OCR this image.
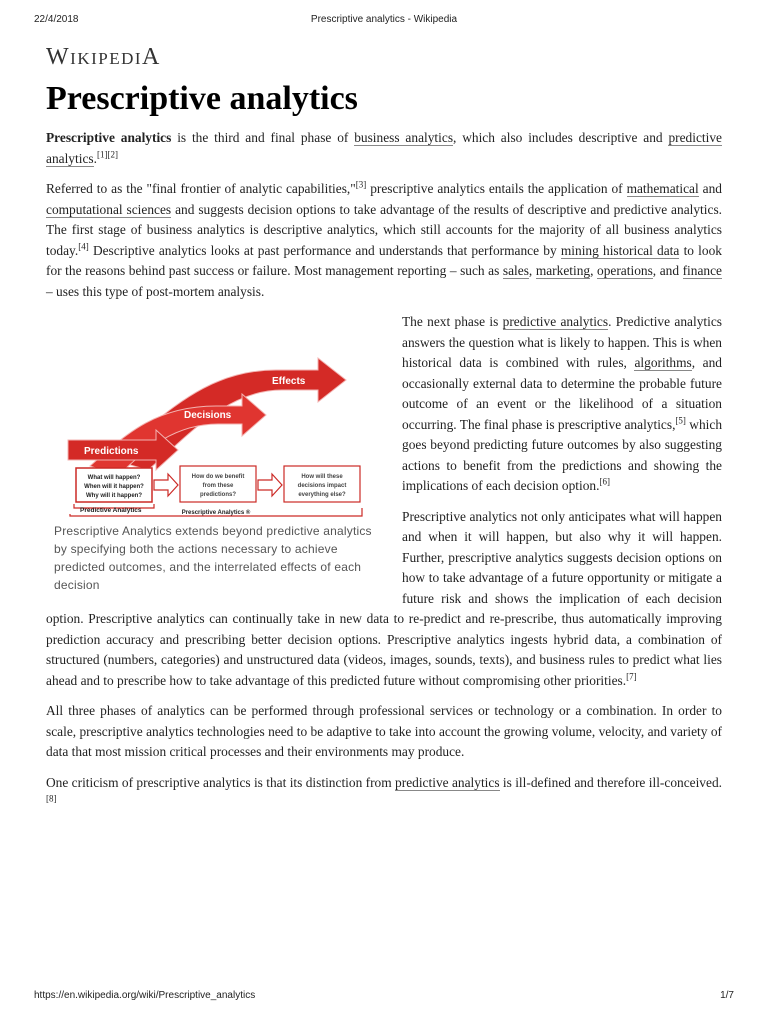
22/4/2018	Prescriptive analytics - Wikipedia
WIKIPEDIA
Prescriptive analytics

Prescriptive analytics is the third and final phase of business analytics, which also includes descriptive and predictive analytics.[1][2]

Referred to as the "final frontier of analytic capabilities,"[3] prescriptive analytics entails the application of mathematical and computational sciences and suggests decision options to take advantage of the results of descriptive and predictive analytics. The first stage of business analytics is descriptive analytics, which still accounts for the majority of all business analytics today.[4] Descriptive analytics looks at past performance and understands that performance by mining historical data to look for the reasons behind past success or failure. Most management reporting – such as sales, marketing, operations, and finance – uses this type of post-mortem analysis.

Effects
Decisions
Predictions
What will happen?
When will it happen?
Why will it happen?
How do we benefit
from these
predictions?
How will these
decisions impact
everything else?
Predictive Analytics	Prescriptive Analytics ®
Prescriptive Analytics extends beyond predictive analytics by specifying both the actions necessary to achieve predicted outcomes, and the interrelated effects of each decision

The next phase is predictive analytics. Predictive analytics answers the question what is likely to happen. This is when historical data is combined with rules, algorithms, and occasionally external data to determine the probable future outcome of an event or the likelihood of a situation occurring. The final phase is prescriptive analytics,[5] which goes beyond predicting future outcomes by also suggesting actions to benefit from the predictions and showing the implications of each decision option.[6]

Prescriptive analytics not only anticipates what will happen and when it will happen, but also why it will happen. Further, prescriptive analytics suggests decision options on how to take advantage of a future opportunity or mitigate a future risk and shows the implication of each decision option. Prescriptive analytics can continually take in new data to re-predict and re-prescribe, thus automatically improving prediction accuracy and prescribing better decision options. Prescriptive analytics ingests hybrid data, a combination of structured (numbers, categories) and unstructured data (videos, images, sounds, texts), and business rules to predict what lies ahead and to prescribe how to take advantage of this predicted future without compromising other priorities.[7]

All three phases of analytics can be performed through professional services or technology or a combination. In order to scale, prescriptive analytics technologies need to be adaptive to take into account the growing volume, velocity, and variety of data that most mission critical processes and their environments may produce.

One criticism of prescriptive analytics is that its distinction from predictive analytics is ill-defined and therefore ill-conceived.[8]

https://en.wikipedia.org/wiki/Prescriptive_analytics	1/7
